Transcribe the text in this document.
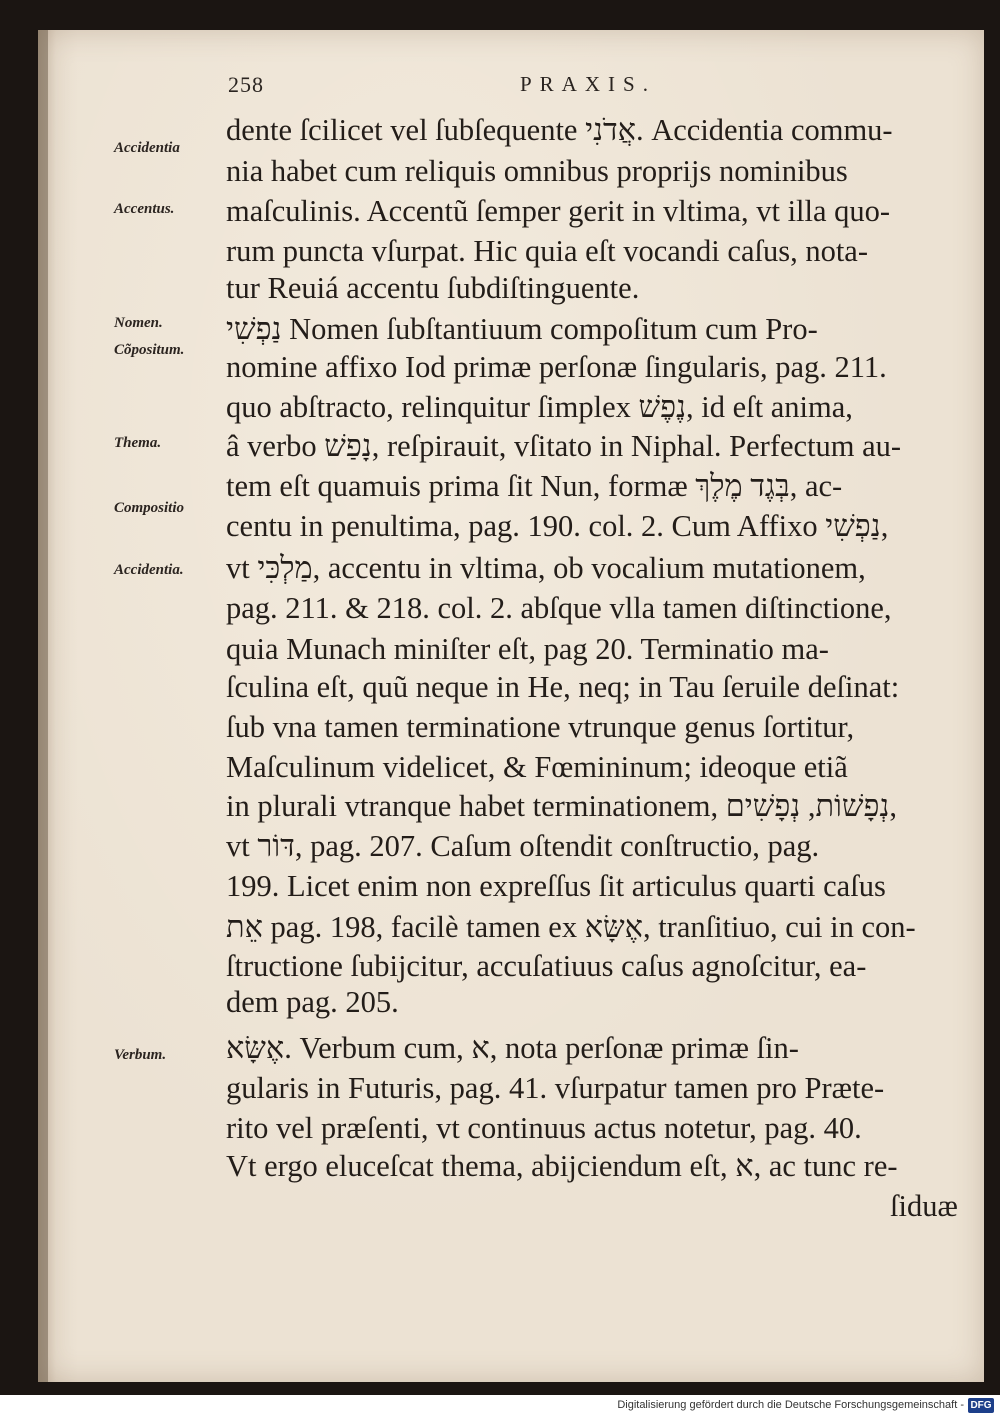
258	PRAXIS.
Accidentia
Accentus.
Nomen.
Cõpositum.
Thema.
Compositio
Accidentia.
Verbum.
dente ſcilicet vel ſubſequente אֲדֹנִי. Accidentia commu-
nia habet cum reliquis omnibus proprijs nominibus
maſculinis. Accentũ ſemper gerit in vltima, vt illa quo-
rum puncta vſurpat. Hic quia eſt vocandi caſus, nota-
tur Reuiá accentu ſubdiſtinguente.
נַפְשִׁי Nomen ſubſtantiuum compoſitum cum Pro-
nomine affixo Iod primæ perſonæ ſingularis, pag. 211.
quo abſtracto, relinquitur ſimplex נֶפֶשׁ, id eſt anima,
â verbo נָפַשׁ, reſpirauit, vſitato in Niphal. Perfectum au-
tem eſt quamuis prima ſit Nun, formæ בְּגֶד מֶלֶךְ, ac-
centu in penultima, pag. 190. col. 2. Cum Affixo נַפְשִׁי,
vt מַלְכִּי, accentu in vltima, ob vocalium mutationem,
pag. 211. & 218. col. 2. abſque vlla tamen diſtinctione,
quia Munach miniſter eſt, pag 20. Terminatio ma-
ſculina eſt, quũ neque in He, neq; in Tau ſeruile deſinat:
ſub vna tamen terminatione vtrunque genus ſortitur,
Maſculinum videlicet, & Fœmininum; ideoque etiã
in plurali vtranque habet terminationem, נְפָשׁוֹת, נְפָשִׁים,
vt דּוֹר, pag. 207. Caſum oſtendit conſtructio, pag.
199. Licet enim non expreſſus ſit articulus quarti caſus
אֵת pag. 198, facilè tamen ex אֶשָּׂא, tranſitiuo, cui in con-
ſtructione ſubijcitur, accuſatiuus caſus agnoſcitur, ea-
dem pag. 205.
אֶשָּׂא. Verbum cum, א, nota perſonæ primæ ſin-
gularis in Futuris, pag. 41. vſurpatur tamen pro Præte-
rito vel præſenti, vt continuus actus notetur, pag. 40.
Vt ergo eluceſcat thema, abijciendum eſt, א, ac tunc re-
ſiduæ
Digitalisierung gefördert durch die Deutsche Forschungsgemeinschaft - DFG
